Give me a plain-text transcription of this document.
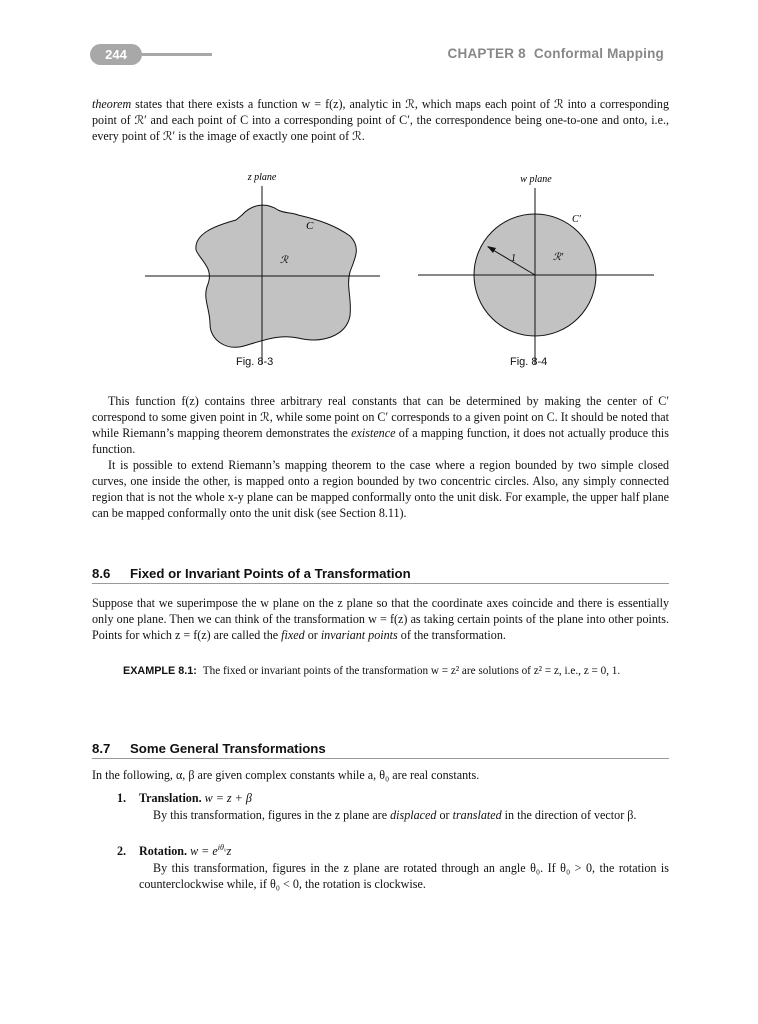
244	CHAPTER 8 Conformal Mapping

theorem states that there exists a function w = f(z), analytic in ℛ, which maps each point of ℛ into a corresponding point of ℛ′ and each point of C into a corresponding point of C′, the correspondence being one-to-one and onto, i.e., every point of ℛ′ is the image of exactly one point of ℛ.

z plane
C
ℛ
Fig. 8-3
w plane
C′
1	ℛ′
Fig. 8-4

This function f(z) contains three arbitrary real constants that can be determined by making the center of C′ correspond to some given point in ℛ, while some point on C′ corresponds to a given point on C. It should be noted that while Riemann’s mapping theorem demonstrates the existence of a mapping function, it does not actually produce this function.

It is possible to extend Riemann’s mapping theorem to the case where a region bounded by two simple closed curves, one inside the other, is mapped onto a region bounded by two concentric circles. Also, any simply connected region that is not the whole x-y plane can be mapped conformally onto the unit disk. For example, the upper half plane can be mapped conformally onto the unit disk (see Section 8.11).

8.6 Fixed or Invariant Points of a Transformation

Suppose that we superimpose the w plane on the z plane so that the coordinate axes coincide and there is essentially only one plane. Then we can think of the transformation w = f(z) as taking certain points of the plane into other points. Points for which z = f(z) are called the fixed or invariant points of the transformation.

EXAMPLE 8.1: The fixed or invariant points of the transformation w = z² are solutions of z² = z, i.e., z = 0, 1.
8.7 Some General Transformations

In the following, α, β are given complex constants while a, θ₀ are real constants.

1. Translation. w = z + β

By this transformation, figures in the z plane are displaced or translated in the direction of vector β.

2. Rotation. $w = e^{i\theta_0}z$

By this transformation, figures in the z plane are rotated through an angle θ₀. If θ₀ > 0, the rotation is counterclockwise while, if θ₀ < 0, the rotation is clockwise.
